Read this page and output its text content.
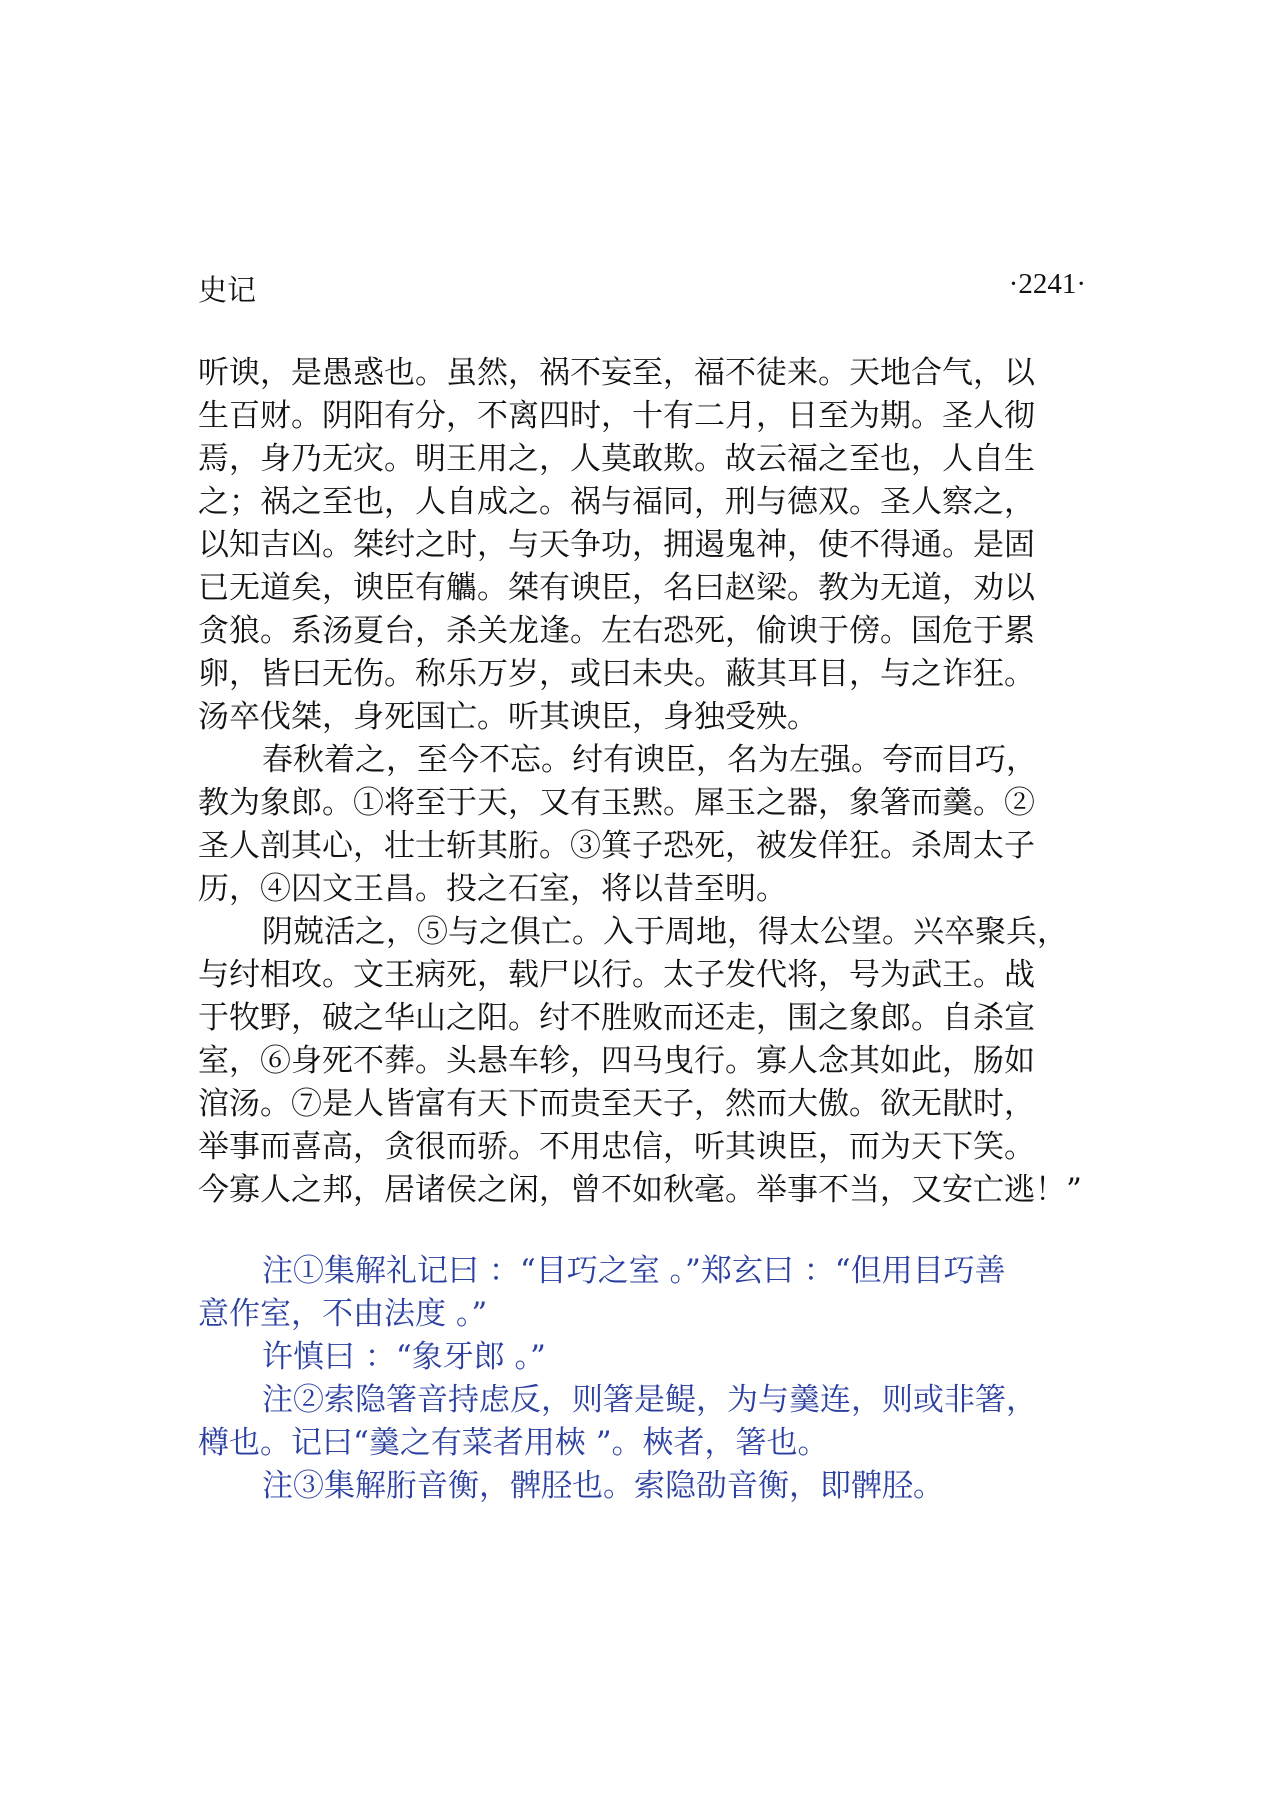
史记	·2241·
听谀，是愚惑也。虽然，祸不妄至，福不徒来。天地合气，以
生百财。阴阳有分，不离四时，十有二月，日至为期。圣人彻
焉，身乃无灾。明王用之，人莫敢欺。故云福之至也，人自生
之；祸之至也，人自成之。祸与福同，刑与德双。圣人察之，
以知吉凶。桀纣之时，与天争功，拥遏鬼神，使不得通。是固
已无道矣，谀臣有觿。桀有谀臣，名曰赵梁。教为无道，劝以
贪狼。系汤夏台，杀关龙逢。左右恐死，偷谀于傍。国危于累
卵，皆曰无伤。称乐万岁，或曰未央。蔽其耳目，与之诈狂。
汤卒伐桀，身死国亡。听其谀臣，身独受殃。
春秋着之，至今不忘。纣有谀臣，名为左强。夸而目巧，
教为象郎。①将至于天，又有玉黙。犀玉之器，象箸而羹。②
圣人剖其心，壮士斩其胻。③箕子恐死，被发佯狂。杀周太子
历，④囚文王昌。投之石室，将以昔至明。
阴兢活之，⑤与之俱亡。入于周地，得太公望。兴卒聚兵，
与纣相攻。文王病死，载尸以行。太子发代将，号为武王。战
于牧野，破之华山之阳。纣不胜败而还走，围之象郎。自杀宣
室，⑥身死不葬。头悬车轸，四马曳行。寡人念其如此，肠如
涫汤。⑦是人皆富有天下而贵至天子，然而大傲。欲无猒时，
举事而喜高，贪很而骄。不用忠信，听其谀臣，而为天下笑。
今寡人之邦，居诸侯之闲，曾不如秋毫。举事不当，又安亡逃！”
注①集解礼记曰 ：“目巧之室 。”郑玄曰 ：“但用目巧善
意作室，不由法度 。”
许慎曰 ：“象牙郎 。”
注②索隐箸音持虑反，则箸是鳀，为与羹连，则或非箸，
樽也。记曰“羹之有菜者用梜 ”。梜者，箸也。
注③集解胻音衡，髀胫也。索隐劭音衡，即髀胫。
